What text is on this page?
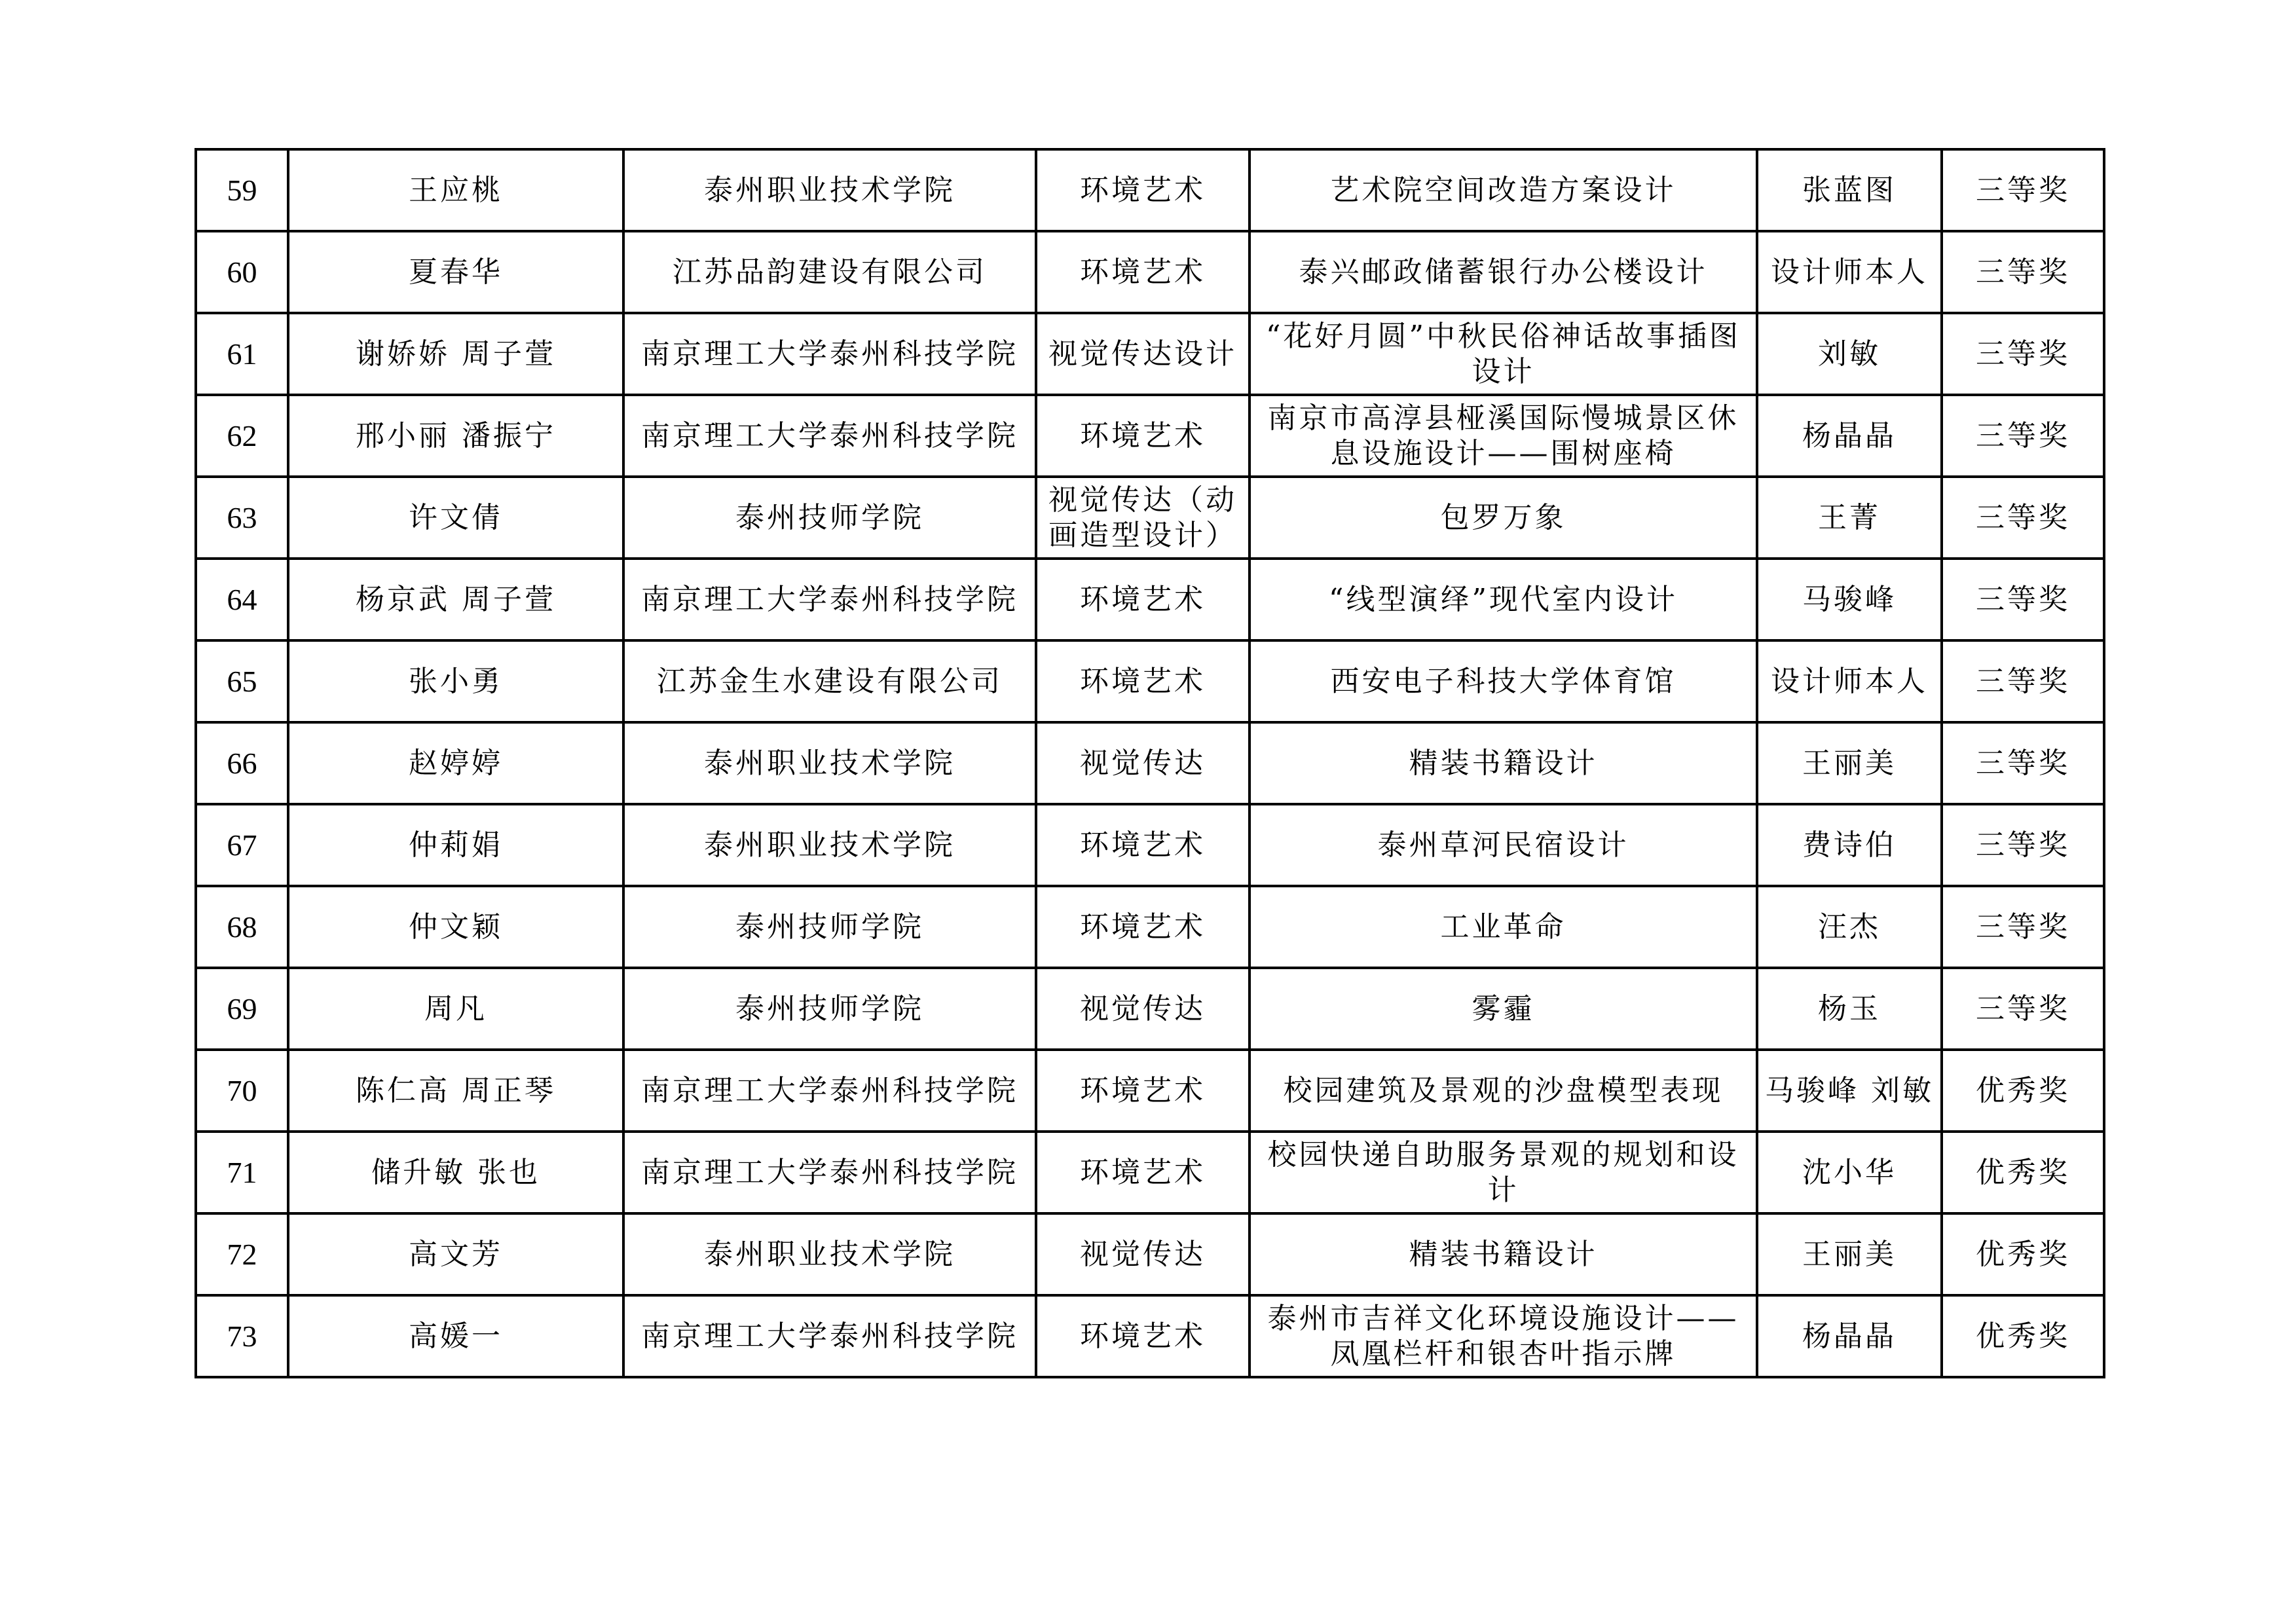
59	王应桃	泰州职业技术学院	环境艺术	艺术院空间改造方案设计	张蓝图	三等奖
60	夏春华	江苏品韵建设有限公司	环境艺术	泰兴邮政储蓄银行办公楼设计	设计师本人	三等奖
61	谢娇娇 周子萱	南京理工大学泰州科技学院	视觉传达设计	“花好月圆”中秋民俗神话故事插图设计	刘敏	三等奖
62	邢小丽 潘振宁	南京理工大学泰州科技学院	环境艺术	南京市高淳县桠溪国际慢城景区休息设施设计——围树座椅	杨晶晶	三等奖
63	许文倩	泰州技师学院	视觉传达（动画造型设计）	包罗万象	王菁	三等奖
64	杨京武 周子萱	南京理工大学泰州科技学院	环境艺术	“线型演绎”现代室内设计	马骏峰	三等奖
65	张小勇	江苏金生水建设有限公司	环境艺术	西安电子科技大学体育馆	设计师本人	三等奖
66	赵婷婷	泰州职业技术学院	视觉传达	精装书籍设计	王丽美	三等奖
67	仲莉娟	泰州职业技术学院	环境艺术	泰州草河民宿设计	费诗伯	三等奖
68	仲文颖	泰州技师学院	环境艺术	工业革命	汪杰	三等奖
69	周凡	泰州技师学院	视觉传达	雾霾	杨玉	三等奖
70	陈仁高 周正琴	南京理工大学泰州科技学院	环境艺术	校园建筑及景观的沙盘模型表现	马骏峰 刘敏	优秀奖
71	储升敏 张也	南京理工大学泰州科技学院	环境艺术	校园快递自助服务景观的规划和设计	沈小华	优秀奖
72	高文芳	泰州职业技术学院	视觉传达	精装书籍设计	王丽美	优秀奖
73	高媛一	南京理工大学泰州科技学院	环境艺术	泰州市吉祥文化环境设施设计——凤凰栏杆和银杏叶指示牌	杨晶晶	优秀奖
